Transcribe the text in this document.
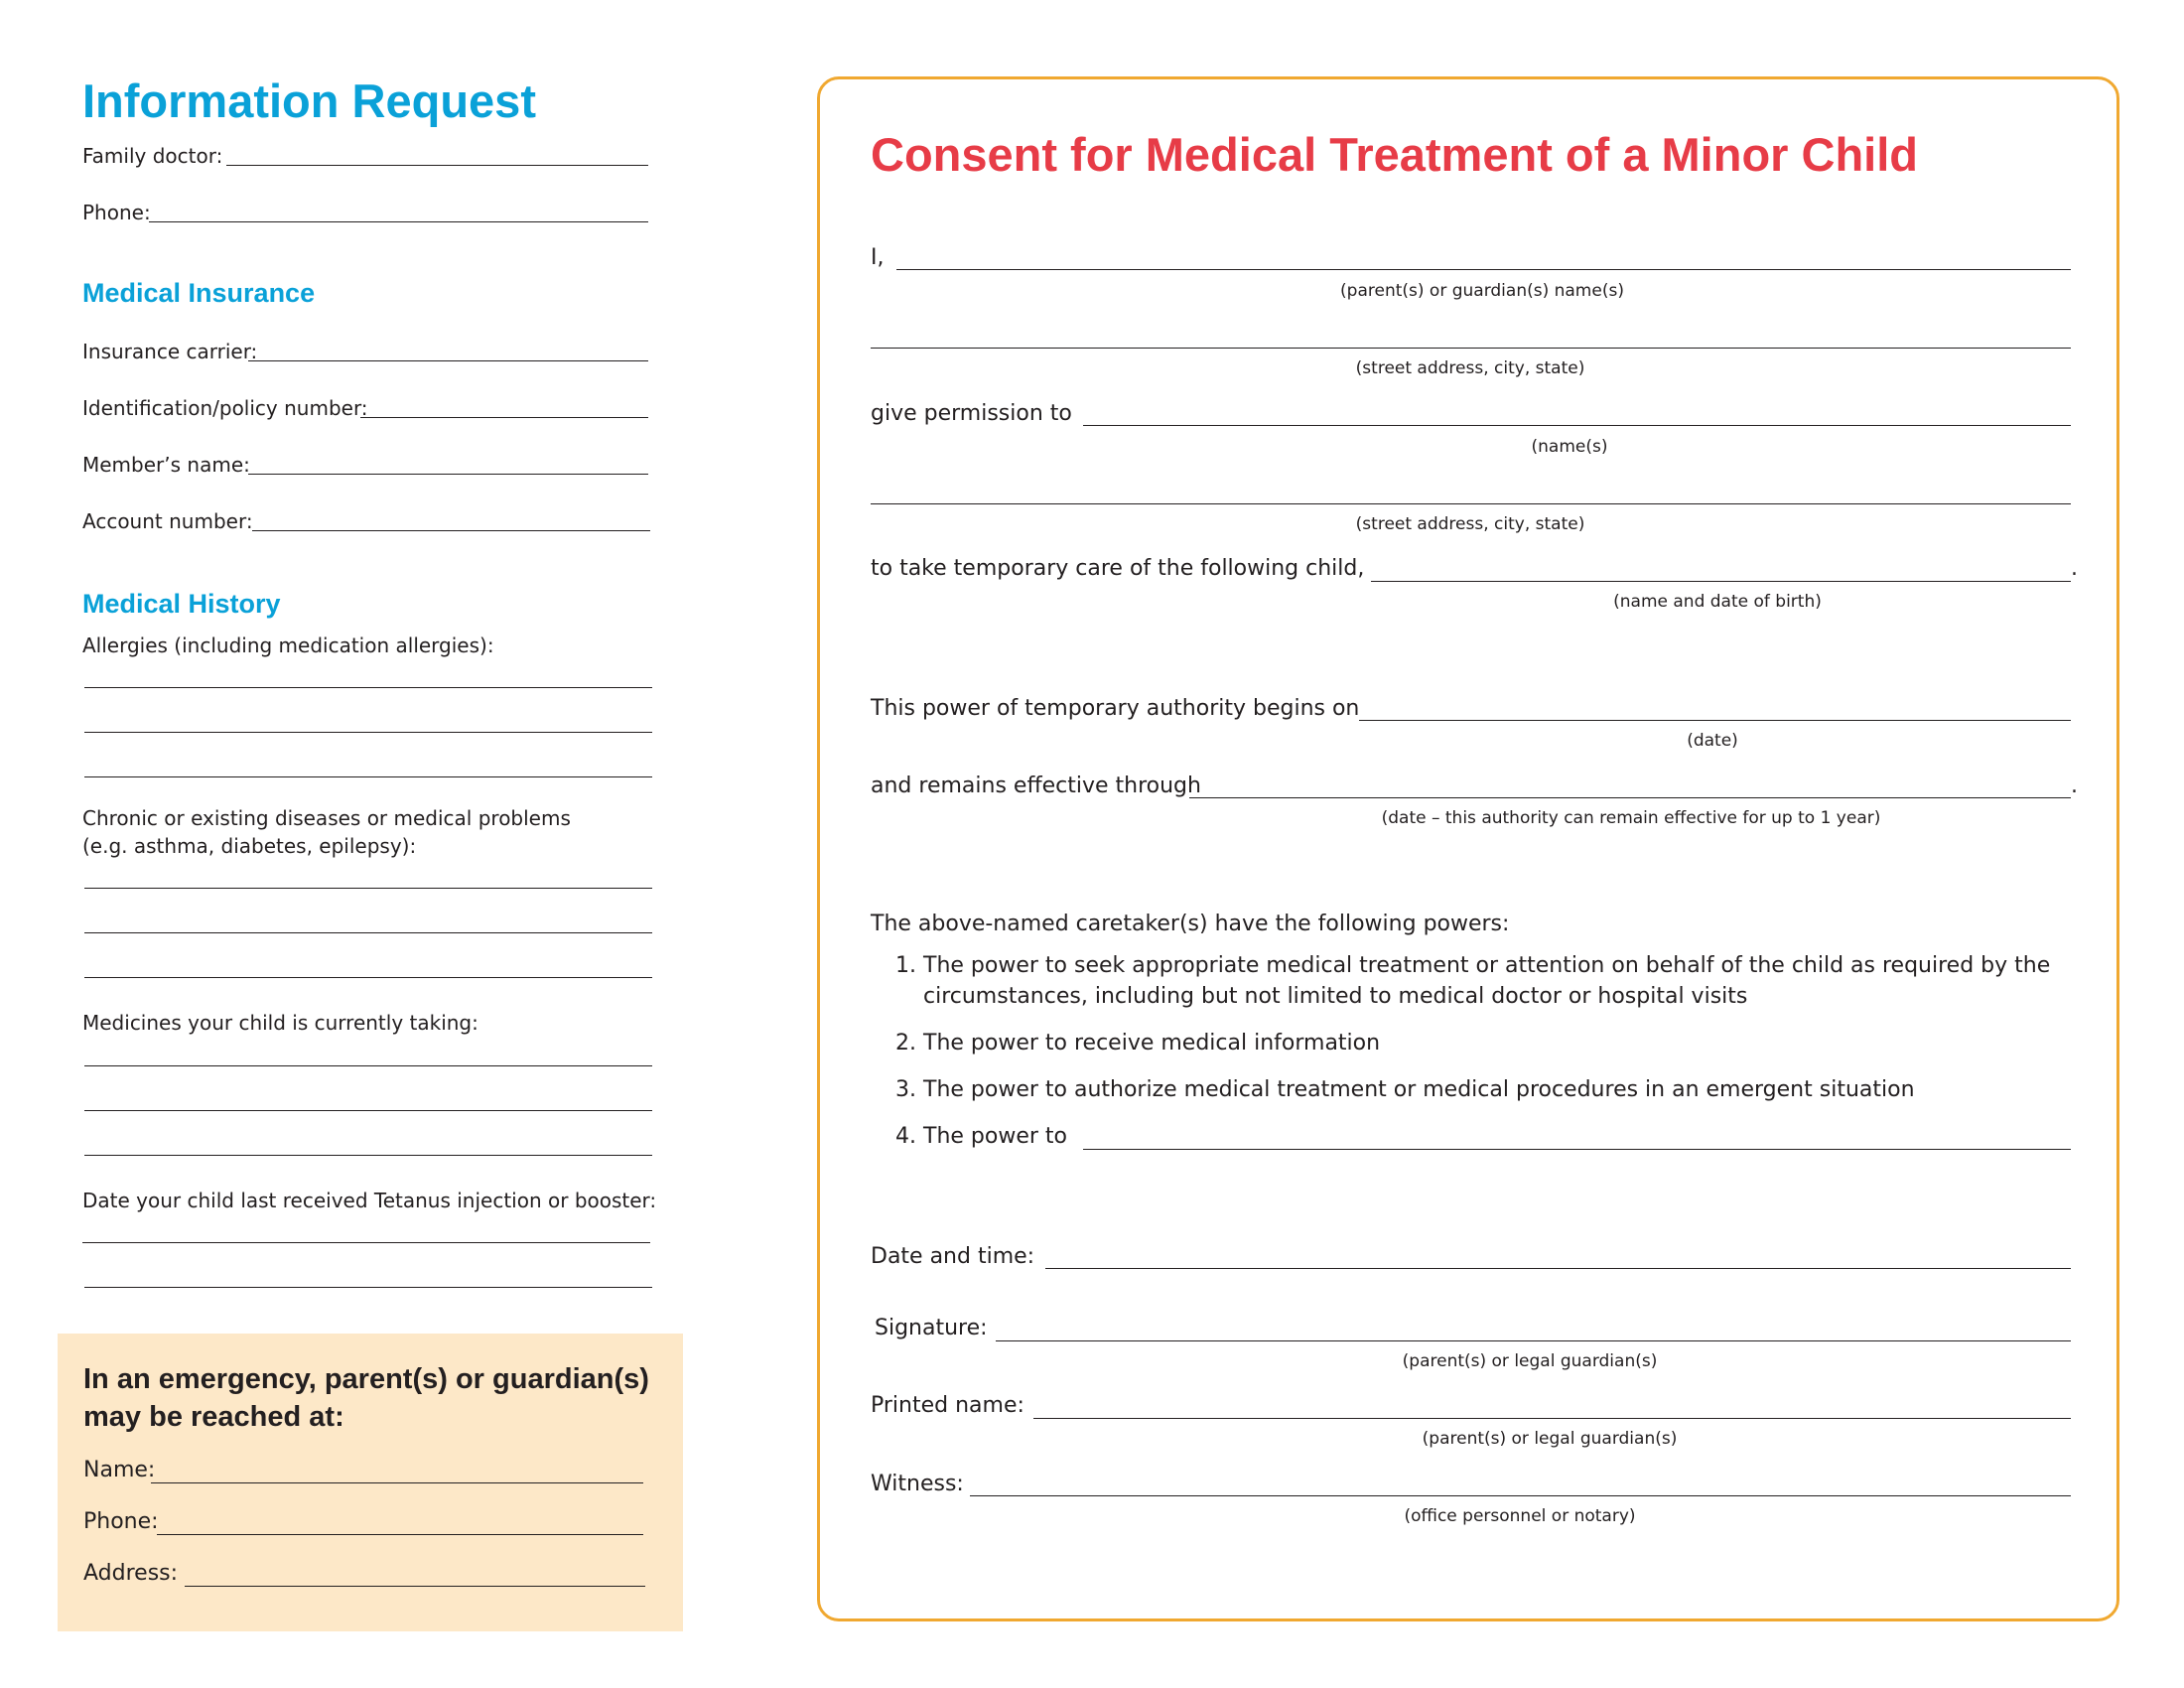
Information Request
Family doctor:
Phone:
Medical Insurance
Insurance carrier:
Identification/policy number:
Member’s name:
Account number:
Medical History
Allergies (including medication allergies):
Chronic or existing diseases or medical problems
(e.g. asthma, diabetes, epilepsy):
Medicines your child is currently taking:
Date your child last received Tetanus injection or booster:
In an emergency, parent(s) or guardian(s)
may be reached at:
Name:
Phone:
Address:
Consent for Medical Treatment of a Minor Child
I,
(parent(s) or guardian(s) name(s)
(street address, city, state)
give permission to
(name(s)
(street address, city, state)
to take temporary care of the following child,	.
(name and date of birth)
This power of temporary authority begins on
(date)
and remains effective through	.
(date – this authority can remain effective for up to 1 year)
The above-named caretaker(s) have the following powers:
1. The power to seek appropriate medical treatment or attention on behalf of the child as required by the
circumstances, including but not limited to medical doctor or hospital visits
2. The power to receive medical information
3. The power to authorize medical treatment or medical procedures in an emergent situation
4. The power to
Date and time:
Signature:
(parent(s) or legal guardian(s)
Printed name:
(parent(s) or legal guardian(s)
Witness:
(office personnel or notary)
